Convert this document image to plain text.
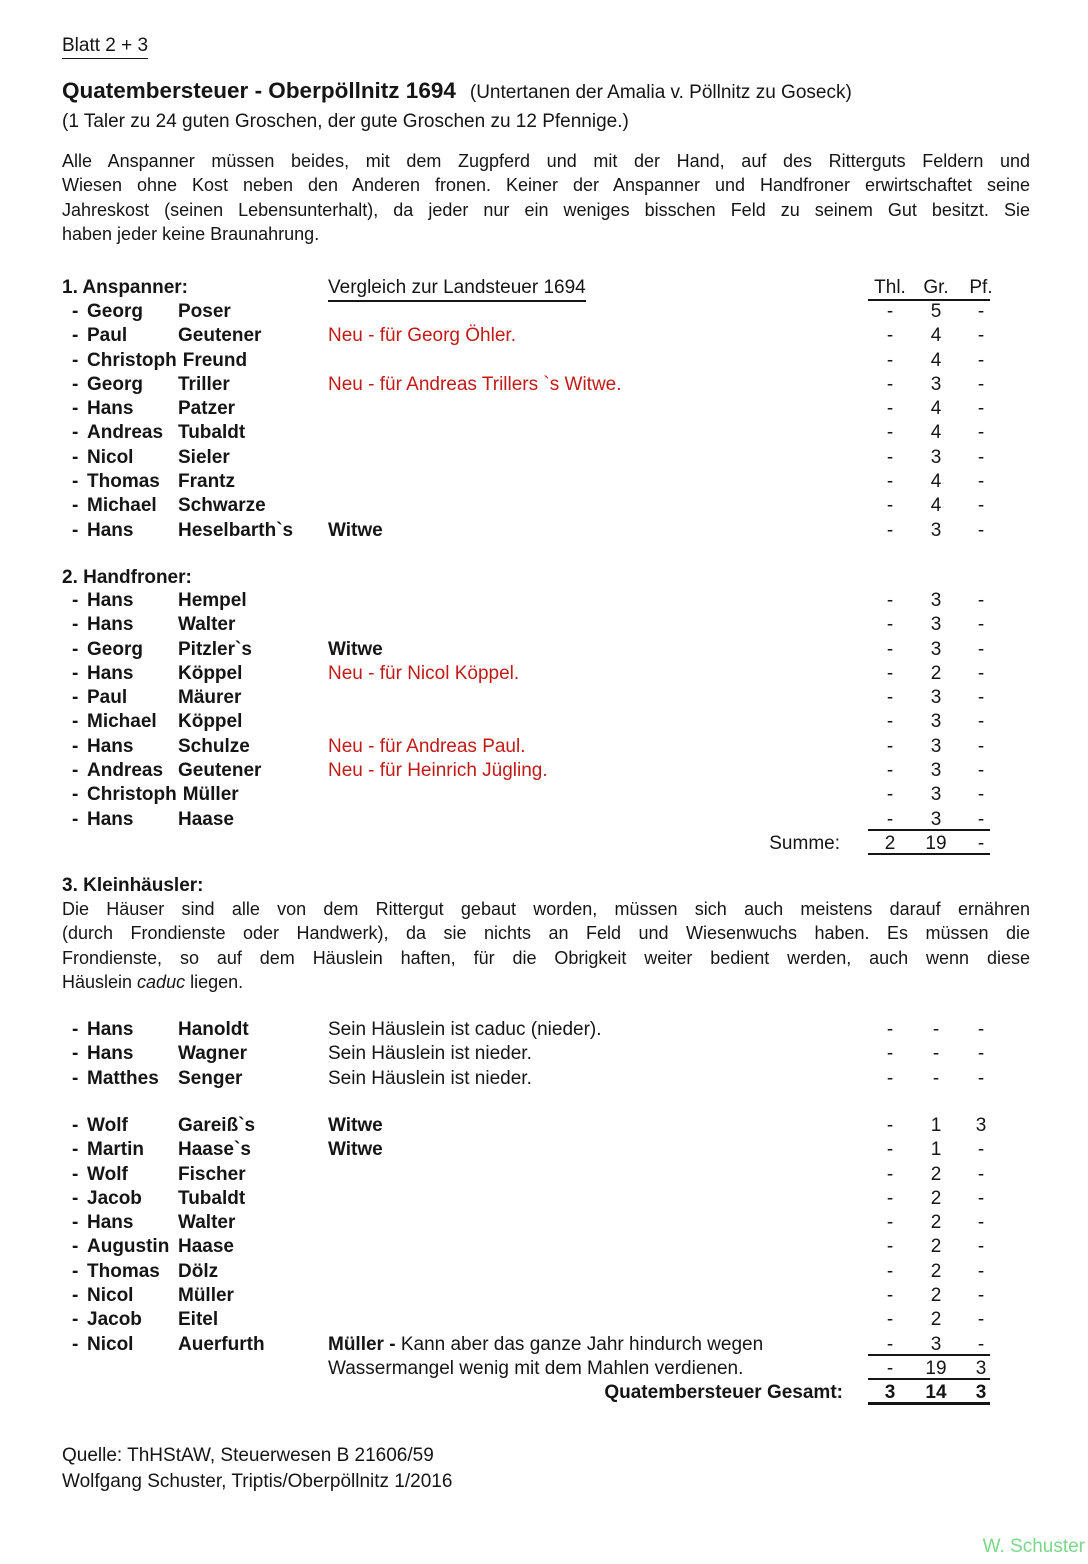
Blatt 2 + 3
Quatembersteuer - Oberpöllnitz 1694 (Untertanen der Amalia v. Pöllnitz zu Goseck)
(1 Taler zu 24 guten Groschen, der gute Groschen zu 12 Pfennige.)
Alle Anspanner müssen beides, mit dem Zugpferd und mit der Hand, auf des Ritterguts Feldern und
Wiesen ohne Kost neben den Anderen fronen. Keiner der Anspanner und Handfroner erwirtschaftet seine
Jahreskost (seinen Lebensunterhalt), da jeder nur ein weniges bisschen Feld zu seinem Gut besitzt. Sie
haben jeder keine Braunahrung.
1. Anspanner:	Vergleich zur Landsteuer 1694	Thl. Gr.	Pf.
- Georg Poser	-	5	-
- Paul	Geutener	Neu - für Georg Öhler.	-	4	-
- Christoph Freund	-	4	-
- Georg Triller	Neu - für Andreas Trillers `s Witwe.	-	3	-
- Hans Patzer	-	4	-
- Andreas Tubaldt	-	4	-
- Nicol Sieler	-	3	-
- Thomas Frantz	-	4	-
- Michael Schwarze	-	4	-
- Hans Heselbarth`s Witwe	-	3	-
2. Handfroner:
- Hans Hempel	-	3	-
- Hans Walter	-	3	-
- Georg Pitzler`s	Witwe	-	3	-
- Hans Köppel	Neu - für Nicol Köppel.	-	2	-
- Paul	Mäurer	-	3	-
- Michael Köppel	-	3	-
- Hans Schulze	Neu - für Andreas Paul.	-	3	-
- Andreas Geutener	Neu - für Heinrich Jügling.	-	3	-
- Christoph Müller	-	3	-
- Hans Haase	-	3	-
Summe:	2	19	-
3. Kleinhäusler:
Die Häuser sind alle von dem Rittergut gebaut worden, müssen sich auch meistens darauf ernähren
(durch Frondienste oder Handwerk), da sie nichts an Feld und Wiesenwuchs haben. Es müssen die
Frondienste, so auf dem Häuslein haften, für die Obrigkeit weiter bedient werden, auch wenn diese
Häuslein caduc liegen.
- Hans Hanoldt	Sein Häuslein ist caduc (nieder).	-	-	-
- Hans Wagner	Sein Häuslein ist nieder.	-	-	-
- Matthes Senger	Sein Häuslein ist nieder.	-	-	-
- Wolf	Gareiß`s	Witwe	-	1	3
- Martin Haase`s	Witwe	-	1	-
- Wolf	Fischer	-	2	-
- Jacob Tubaldt	-	2	-
- Hans Walter	-	2	-
- Augustin Haase	-	2	-
- Thomas Dölz	-	2	-
- Nicol Müller	-	2	-
- Jacob Eitel	-	2	-
- Nicol Auerfurth	Müller - Kann aber das ganze Jahr hindurch wegen	-	3	-
Wassermangel wenig mit dem Mahlen verdienen.	-	19	3
Quatembersteuer Gesamt:	3	14	3
Quelle: ThHStAW, Steuerwesen B 21606/59
Wolfgang Schuster, Triptis/Oberpöllnitz 1/2016
W. Schuster
